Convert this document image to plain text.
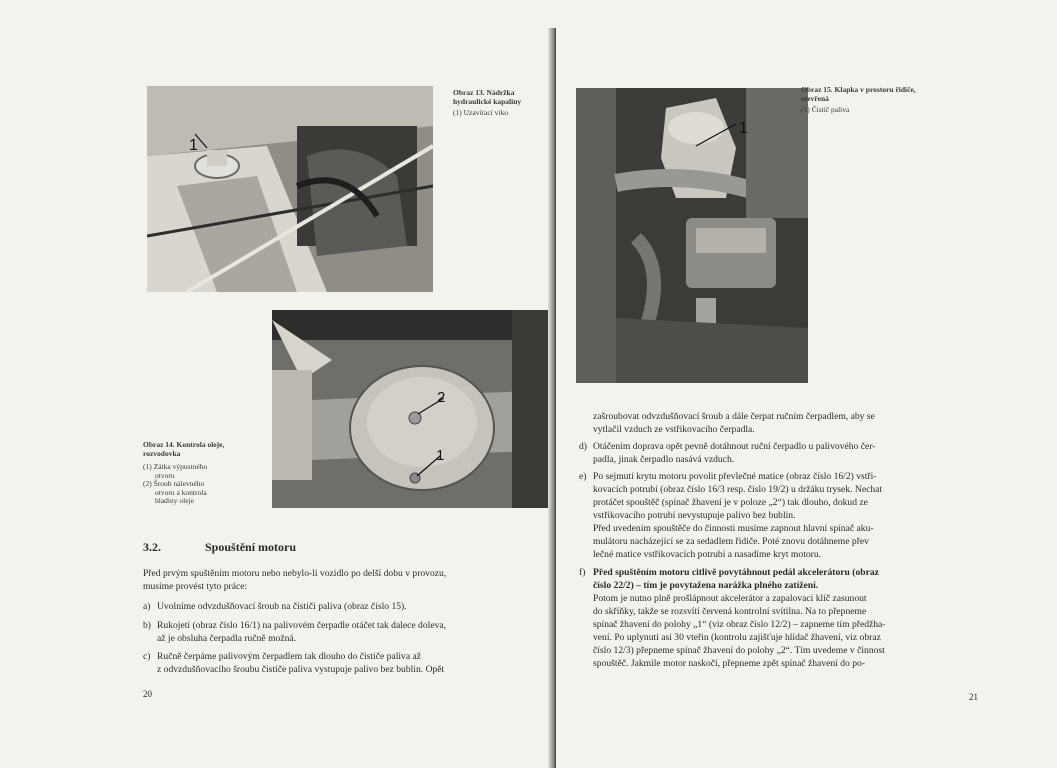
1
Obraz 13. Nádržka
hydraulické kapaliny
(1) Uzavírací víko
2
1
Obraz 14. Kontrola oleje,
rozvodovka
(1) Zátka výpustného
otvoru
(2) Šroub nálevného
otvoru a kontrola
hladiny oleje
3.2.	Spouštění motoru
Před prvým spuštěním motoru nebo nebylo-li vozidlo po delší dobu v provozu,
musíme provést tyto práce:
a) Uvolníme odvzdušňovací šroub na čističi paliva (obraz číslo 15).
b) Rukojetí (obraz číslo 16/1) na palivovém čerpadle otáčet tak dalece doleva,
až je obsluha čerpadla ručně možná.
c) Ručně čerpáme palivovým čerpadlem tak dlouho do čističe paliva až
z odvzdušňovacího šroubu čističe paliva vystupuje palivo bez bublin. Opět
20
1
Obraz 15. Klapka v prostoru řidiče,
otevřená
(1) Čistič paliva
zašroubovat odvzdušňovací šroub a dále čerpat ručním čerpadlem, aby se
vytlačil vzduch ze vstřikovacího čerpadla.
d) Otáčením doprava opět pevně dotáhnout ruční čerpadlo u palivového čer-
padla, jinak čerpadlo nasává vzduch.
e) Po sejmutí krytu motoru povolit převlečné matice (obraz číslo 16/2) vstři-
kovacích potrubí (obraz číslo 16/3 resp. číslo 19/2) u držáku trysek. Nechat
protáčet spouštěč (spínač žhavení je v poloze „2“) tak dlouho, dokud ze
vstřikovacího potrubí nevystupuje palivo bez bublin.
Před uvedením spouštěče do činnosti musíme zapnout hlavní spínač aku-
mulátoru nacházející se za sedadlem řidiče. Poté znovu dotáhneme přev
lečné matice vstřikovacích potrubí a nasadíme kryt motoru.
f) Před spuštěním motoru citlivě povytáhnout pedál akcelerátoru (obraz
číslo 22/2) – tím je povytažena narážka plného zatížení.
Potom je nutno plně prošlápnout akcelerátor a zapalovací klíč zasunout
do skříňky, takže se rozsvítí červená kontrolní svítilna. Na to přepneme
spínač žhavení do polohy „1“ (viz obraz číslo 12/2) – zapneme tím předžha-
vení. Po uplynutí asi 30 vteřin (kontrolu zajišťuje hlídač žhavení, viz obraz
číslo 12/3) přepneme spínač žhavení do polohy „2“. Tím uvedeme v činnost
spouštěč. Jakmile motor naskočí, přepneme zpět spínač žhavení do po-
21
